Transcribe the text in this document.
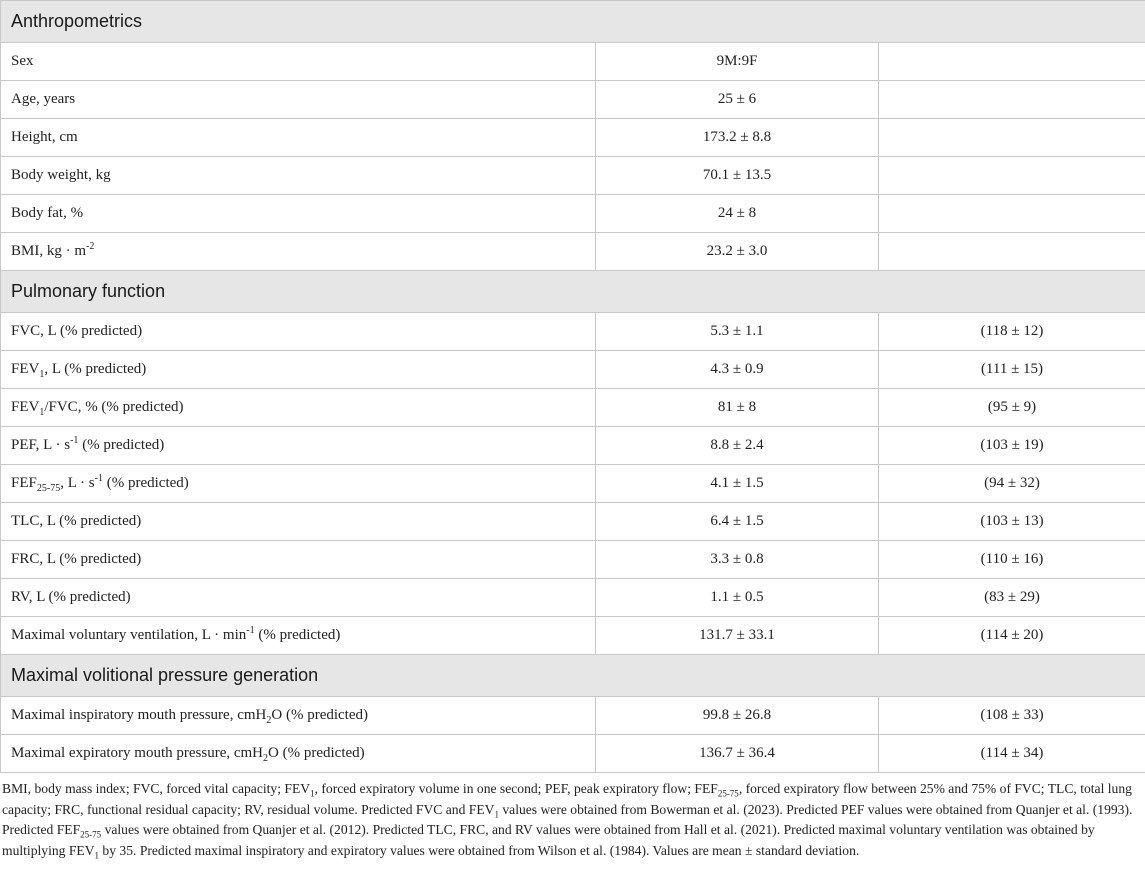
Anthropometrics		
Sex	9M:9F	
Age, years	25 ± 6	
Height, cm	173.2 ± 8.8	
Body weight, kg	70.1 ± 13.5	
Body fat, %	24 ± 8	
BMI, kg · $m^{-2}$	23.2 ± 3.0	
Pulmonary function		
FVC, L (% predicted)	5.3 ± 1.1	(118 ± 12)
$FEV_1$, L (% predicted)	4.3 ± 0.9	(111 ± 15)
$FEV_1$/FVC, % (% predicted)	81 ± 8	(95 ± 9)
PEF, $L \cdot s^{-1}$ (% predicted)	8.8 ± 2.4	(103 ± 19)
$FEF_{25-75}$, $L \cdot s^{-1}$ (% predicted)	4.1 ± 1.5	(94 ± 32)
TLC, L (% predicted)	6.4 ± 1.5	(103 ± 13)
FRC, L (% predicted)	3.3 ± 0.8	(110 ± 16)
RV, L (% predicted)	1.1 ± 0.5	(83 ± 29)
Maximal voluntary ventilation, $L \cdot \min^{-1}$ (% predicted)	131.7 ± 33.1	(114 ± 20)
Maximal volitional pressure generation		
Maximal inspiratory mouth pressure, cmH$_2$O (% predicted)	99.8 ± 26.8	(108 ± 33)
Maximal expiratory mouth pressure, cmH$_2$O (% predicted)	136.7 ± 36.4	(114 ± 34)
BMI, body mass index; FVC, forced vital capacity; $FEV_1$, forced expiratory volume in one second; PEF, peak expiratory flow; $FEF_{25-75}$, forced expiratory flow between 25% and 75% of FVC; TLC, total lung capacity; FRC, functional residual capacity; RV, residual volume. Predicted FVC and $FEV_1$ values were obtained from Bowerman et al. (2023). Predicted PEF values were obtained from Quanjer et al. (1993). Predicted $FEF_{25-75}$ values were obtained from Quanjer et al. (2012). Predicted TLC, FRC, and RV values were obtained from Hall et al. (2021). Predicted maximal voluntary ventilation was obtained by multiplying $FEV_1$ by 35. Predicted maximal inspiratory and expiratory values were obtained from Wilson et al. (1984). Values are mean ± standard deviation.
